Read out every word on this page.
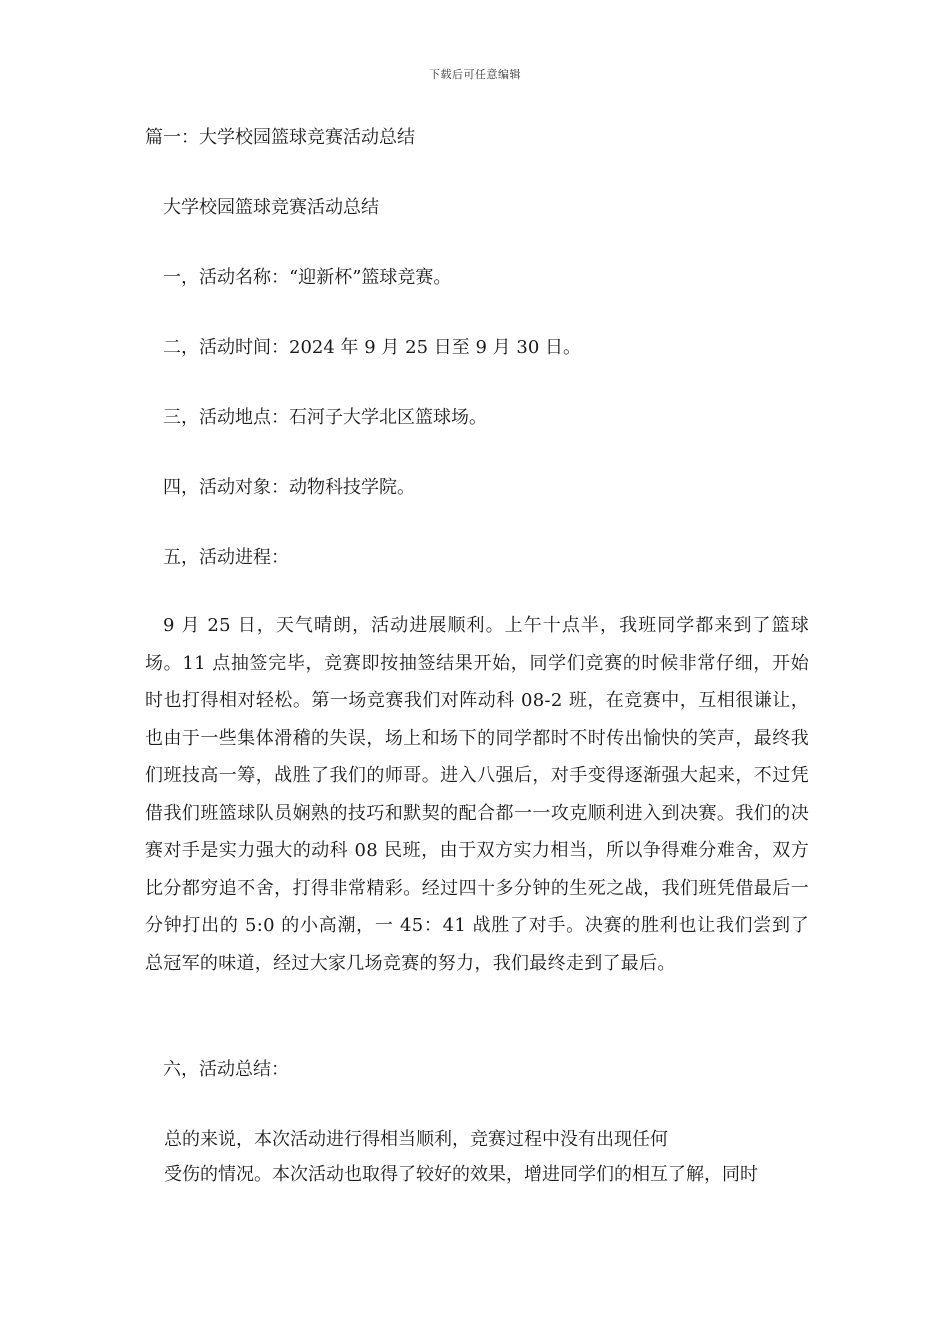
下载后可任意编辑
篇一：大学校园篮球竞赛活动总结
大学校园篮球竞赛活动总结
一，活动名称：“迎新杯”篮球竞赛。
二，活动时间：2024 年 9 月 25 日至 9 月 30 日。
三，活动地点：石河子大学北区篮球场。
四，活动对象：动物科技学院。
五，活动进程：
9 月 25 日，天气晴朗，活动进展顺利。上午十点半，我班同学都来到了篮球场。11 点抽签完毕，竞赛即按抽签结果开始，同学们竞赛的时候非常仔细，开始时也打得相对轻松。第一场竞赛我们对阵动科 08-2 班，在竞赛中，互相很谦让，也由于一些集体滑稽的失误，场上和场下的同学都时不时传出愉快的笑声，最终我们班技高一筹，战胜了我们的师哥。进入八强后，对手变得逐渐强大起来，不过凭借我们班篮球队员娴熟的技巧和默契的配合都一一攻克顺利进入到决赛。我们的决赛对手是实力强大的动科 08 民班，由于双方实力相当，所以争得难分难舍，双方比分都穷追不舍，打得非常精彩。经过四十多分钟的生死之战，我们班凭借最后一分钟打出的 5:0 的小高潮，一 45：41 战胜了对手。决赛的胜利也让我们尝到了总冠军的味道，经过大家几场竞赛的努力，我们最终走到了最后。
六，活动总结：
总的来说，本次活动进行得相当顺利，竞赛过程中没有出现任何
受伤的情况。本次活动也取得了较好的效果，增进同学们的相互了解，同时
